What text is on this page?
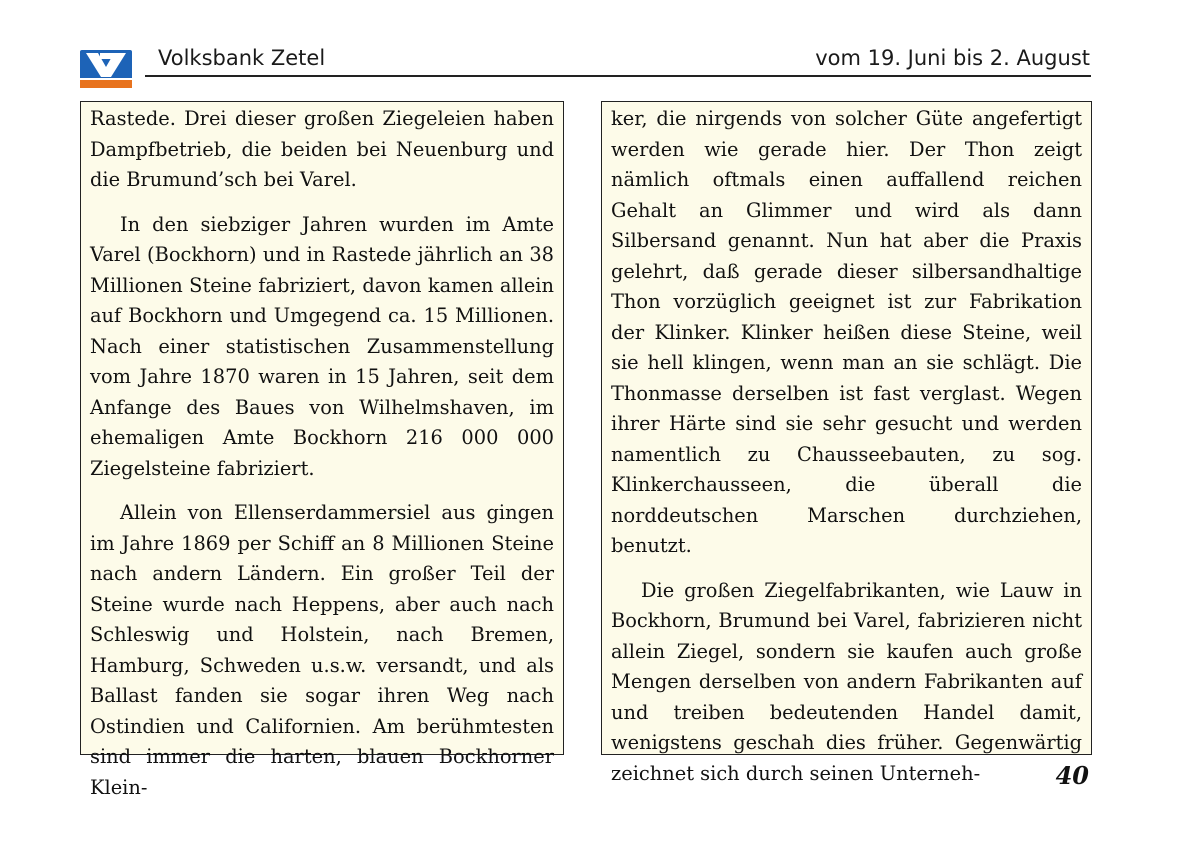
Volksbank Zetel	vom 19. Juni bis 2. August

Rastede. Drei dieser großen Ziegeleien haben Dampfbetrieb, die beiden bei Neuenburg und die Brumund’sch bei Varel.

In den siebziger Jahren wurden im Amte Varel (Bockhorn) und in Rastede jährlich an 38 Millionen Steine fabriziert, davon kamen allein auf Bockhorn und Umgegend ca. 15 Millionen. Nach einer statistischen Zusammenstellung vom Jahre 1870 waren in 15 Jahren, seit dem Anfange des Baues von Wilhelmshaven, im ehemaligen Amte Bockhorn 216 000 000 Ziegelsteine fabriziert.

Allein von Ellenserdammersiel aus gingen im Jahre 1869 per Schiff an 8 Millionen Steine nach andern Ländern. Ein großer Teil der Steine wurde nach Heppens, aber auch nach Schleswig und Holstein, nach Bremen, Hamburg, Schweden u.s.w. versandt, und als Ballast fanden sie sogar ihren Weg nach Ostindien und Californien. Am berühmtesten sind immer die harten, blauen Bockhorner Klein-

ker, die nirgends von solcher Güte angefertigt werden wie gerade hier. Der Thon zeigt nämlich oftmals einen auffallend reichen Gehalt an Glimmer und wird als dann Silbersand genannt. Nun hat aber die Praxis gelehrt, daß gerade dieser silbersandhaltige Thon vorzüglich geeignet ist zur Fabrikation der Klinker. Klinker heißen diese Steine, weil sie hell klingen, wenn man an sie schlägt. Die Thonmasse derselben ist fast verglast. Wegen ihrer Härte sind sie sehr gesucht und werden namentlich zu Chausseebauten, zu sog. Klinkerchausseen, die überall die norddeutschen Marschen durchziehen, benutzt.

Die großen Ziegelfabrikanten, wie Lauw in Bockhorn, Brumund bei Varel, fabrizieren nicht allein Ziegel, sondern sie kaufen auch große Mengen derselben von andern Fabrikanten auf und treiben bedeutenden Handel damit, wenigstens geschah dies früher. Gegenwärtig zeichnet sich durch seinen Unterneh-	40
